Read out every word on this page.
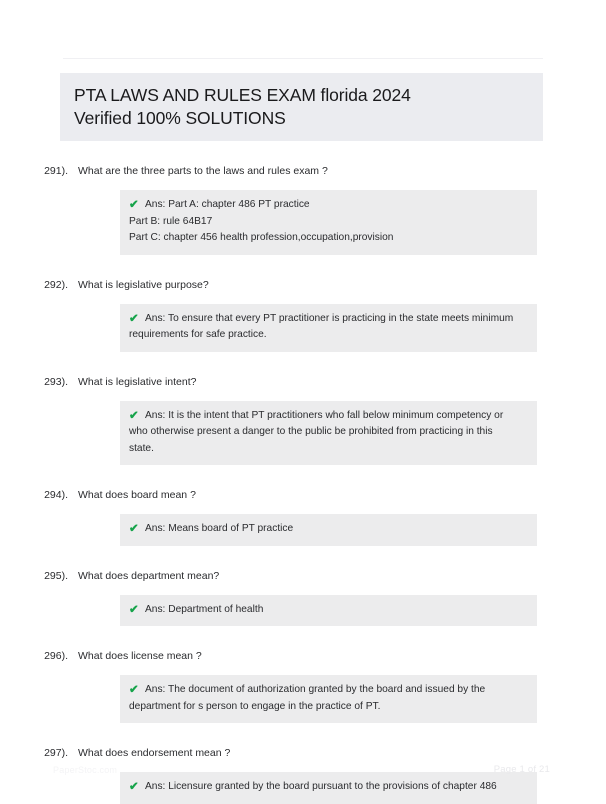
PTA LAWS AND RULES EXAM florida 2024
Verified 100% SOLUTIONS
291). What are the three parts to the laws and rules exam ?
✔ Ans: Part A: chapter 486 PT practice
Part B: rule 64B17
Part C: chapter 456 health profession,occupation,provision
292). What is legislative purpose?
✔ Ans: To ensure that every PT practitioner is practicing in the state meets minimum
requirements for safe practice.
293). What is legislative intent?
✔ Ans: It is the intent that PT practitioners who fall below minimum competency or
who otherwise present a danger to the public be prohibited from practicing in this
state.
294). What does board mean ?
✔ Ans: Means board of PT practice
295). What does department mean?
✔ Ans: Department of health
296). What does license mean ?
✔ Ans: The document of authorization granted by the board and issued by the
department for s person to engage in the practice of PT.
297). What does endorsement mean ?
✔ Ans: Licensure granted by the board pursuant to the provisions of chapter 486
PaperStoc.com	Page 1 of 21
